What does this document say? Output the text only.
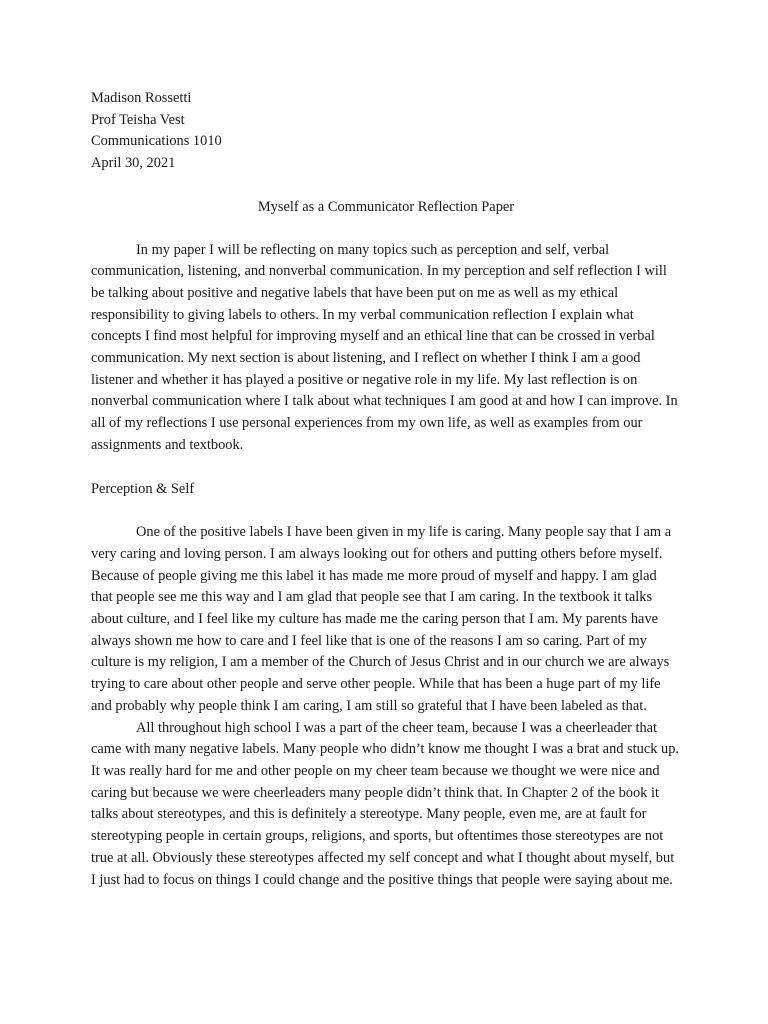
Madison Rossetti
Prof Teisha Vest
Communications 1010
April 30, 2021
Myself as a Communicator Reflection Paper

In my paper I will be reflecting on many topics such as perception and self, verbal communication, listening, and nonverbal communication. In my perception and self reflection I will be talking about positive and negative labels that have been put on me as well as my ethical responsibility to giving labels to others. In my verbal communication reflection I explain what concepts I find most helpful for improving myself and an ethical line that can be crossed in verbal communication. My next section is about listening, and I reflect on whether I think I am a good listener and whether it has played a positive or negative role in my life. My last reflection is on nonverbal communication where I talk about what techniques I am good at and how I can improve. In all of my reflections I use personal experiences from my own life, as well as examples from our assignments and textbook.

Perception & Self

One of the positive labels I have been given in my life is caring. Many people say that I am a very caring and loving person. I am always looking out for others and putting others before myself. Because of people giving me this label it has made me more proud of myself and happy. I am glad that people see me this way and I am glad that people see that I am caring. In the textbook it talks about culture, and I feel like my culture has made me the caring person that I am. My parents have always shown me how to care and I feel like that is one of the reasons I am so caring. Part of my culture is my religion, I am a member of the Church of Jesus Christ and in our church we are always trying to care about other people and serve other people. While that has been a huge part of my life and probably why people think I am caring, I am still so grateful that I have been labeled as that.

All throughout high school I was a part of the cheer team, because I was a cheerleader that came with many negative labels. Many people who didn’t know me thought I was a brat and stuck up. It was really hard for me and other people on my cheer team because we thought we were nice and caring but because we were cheerleaders many people didn’t think that. In Chapter 2 of the book it talks about stereotypes, and this is definitely a stereotype. Many people, even me, are at fault for stereotyping people in certain groups, religions, and sports, but oftentimes those stereotypes are not true at all. Obviously these stereotypes affected my self concept and what I thought about myself, but I just had to focus on things I could change and the positive things that people were saying about me.
